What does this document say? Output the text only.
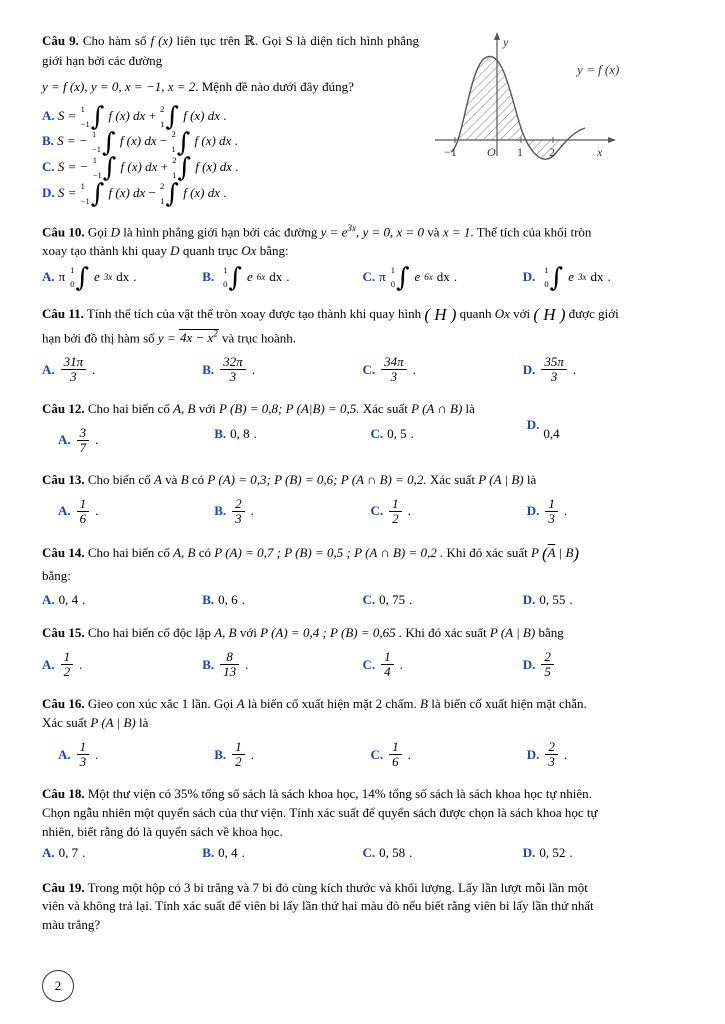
−1	O 1 2	x
y
y = f (x)
Câu 9. Cho hàm số f (x) liên tục trên ℝ. Gọi S là diện tích hình phẳng giới hạn bởi các đường
y = f (x), y = 0, x = −1, x = 2. Mệnh đề nào dưới đây đúng?
A. S = 1
−1 ∫ f (x) dx + 2
1 ∫ f (x) dx .
B. S = − 1
−1 ∫ f (x) dx − 2
1 ∫ f (x) dx .
C. S = − 1
−1 ∫ f (x) dx + 2
1 ∫ f (x) dx .
D. S = 1
−1 ∫ f (x) dx − 2
1 ∫ f (x) dx .
Câu 10. Gọi D là hình phẳng giới hạn bởi các đường $y = e^{3x}$, y = 0, x = 0 và x = 1. Thể tích của khối tròn
xoay tạo thành khi quay D quanh trục Ox bằng:
A. π 1
0 ∫ e 3x dx .	B. 1
0 ∫ e 6x dx .	C. π 1
0 ∫ e 6x dx .	D. 1
0 ∫ e 3x dx .
Câu 11. Tính thể tích của vật thể tròn xoay được tạo thành khi quay hình ( H ) quanh Ox với ( H ) được giới
hạn bởi đồ thị hàm số $y = 4x - x^2$ và trục hoành.
A. $\frac{31\pi}{3}$ .	B. $\frac{32\pi}{3}$ .	C. $\frac{34\pi}{3}$ .	D. $\frac{35\pi}{3}$ .
Câu 12. Cho hai biến cố A, B với P (B) = 0,8; P (A|B) = 0,5. Xác suất P (A ∩ B) là
A. $\frac{3}{7}$ .	B. 0, 8 .	C. 0, 5 .
D.
0,4
Câu 13. Cho biến cố A và B có P (A) = 0,3; P (B) = 0,6; P (A ∩ B) = 0,2. Xác suất P (A | B) là
A. $\frac{1}{6}$ .	B. $\frac{2}{3}$ .	C. $\frac{1}{2}$ .	D. $\frac{1}{3}$ .
Câu 14. Cho hai biến cố A, B có P (A) = 0,7 ; P (B) = 0,5 ; P (A ∩ B) = 0,2 . Khi đó xác suất P ($\overline{A}$ | B)
bằng:
A. 0, 4 .	B. 0, 6 .	C. 0, 75 .	D. 0, 55 .
Câu 15. Cho hai biến cố độc lập A, B với P (A) = 0,4 ; P (B) = 0,65 . Khi đó xác suất P (A | B) bằng
A. $\frac{1}{2}$ .	B. $\frac{8}{13}$ .	C. $\frac{1}{4}$ .	D. $\frac{2}{5}$
Câu 16. Gieo con xúc xắc 1 lần. Gọi A là biến cố xuất hiện mặt 2 chấm. B là biến cố xuất hiện mặt chẵn.
Xác suất P (A | B) là
A. $\frac{1}{3}$ .	B. $\frac{1}{2}$ .	C. $\frac{1}{6}$ .	D. $\frac{2}{3}$ .
Câu 18. Một thư viện có 35% tổng số sách là sách khoa học, 14% tổng số sách là sách khoa học tự nhiên.
Chọn ngẫu nhiên một quyển sách của thư viện. Tính xác suất để quyển sách được chọn là sách khoa học tự
nhiên, biết rằng đó là quyển sách về khoa học.
A. 0, 7 .	B. 0, 4 .	C. 0, 58 .	D. 0, 52 .
Câu 19. Trong một hộp có 3 bi trắng và 7 bi đỏ cùng kích thước và khối lượng. Lấy lần lượt mỗi lần một
viên và không trả lại. Tính xác suất để viên bi lấy lần thứ hai màu đỏ nếu biết rằng viên bi lấy lần thứ nhất
màu trắng?
2
